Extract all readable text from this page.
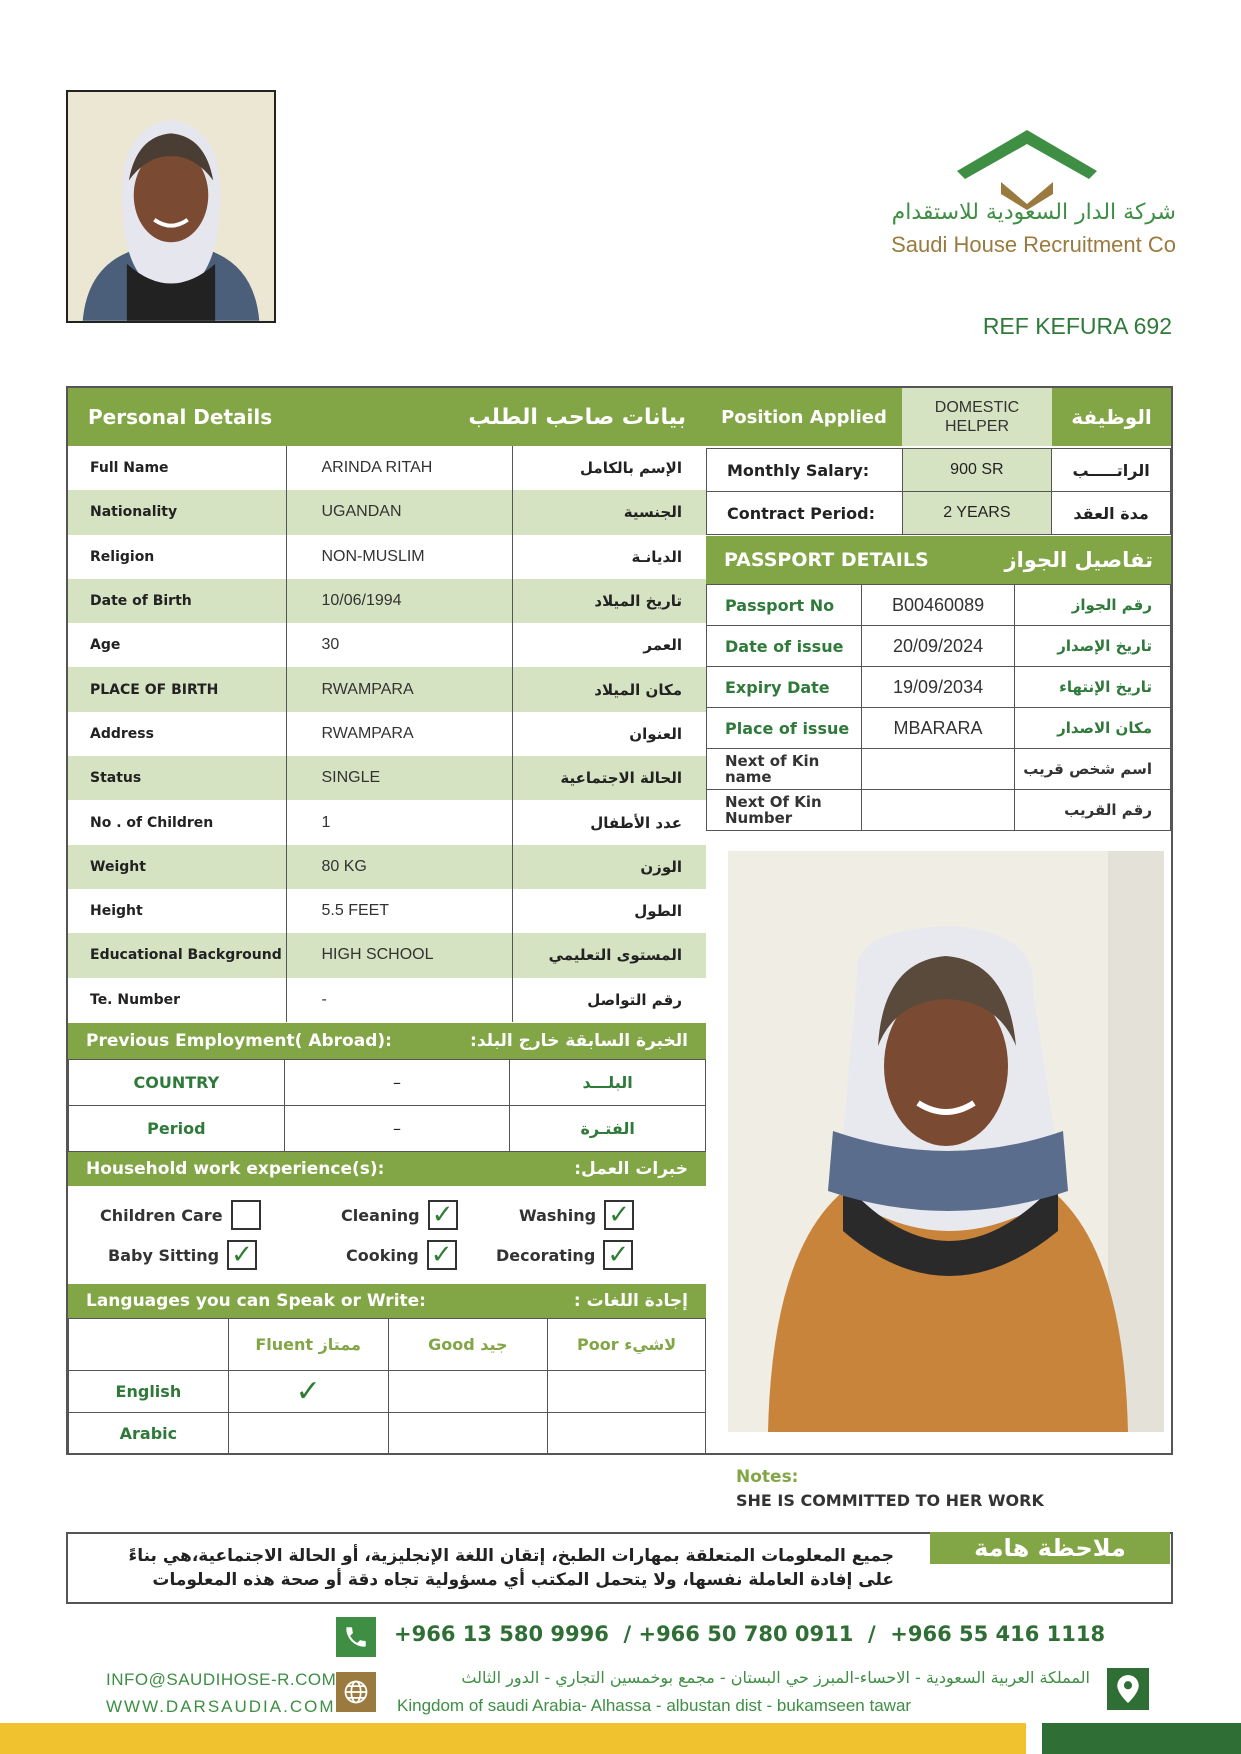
شركة الدار السعودية للاستقدام
Saudi House Recruitment Co
REF KEFURA 692
Personal Details	بيانات صاحب الطلب
Full Name	ARINDA RITAH	الإسم بالكامل
Nationality	UGANDAN	الجنسية
Religion	NON-MUSLIM	الديانـة
Date of Birth	10/06/1994	تاريخ الميلاد
Age	30	العمر
PLACE OF BIRTH	RWAMPARA	مكان الميلاد
Address	RWAMPARA	العنوان
Status	SINGLE	الحالة الاجتماعية
No . of Children	1	عدد الأطفال
Weight	80 KG	الوزن
Height	5.5 FEET	الطول
Educational Background	HIGH SCHOOL	المستوى التعليمي
Te. Number	-	رقم التواصل
Previous Employment( Abroad):	الخبرة السابقة خارج البلد:
COUNTRY	–	البلـــد
Period	–	الفتـرة
Household work experience(s):	خبرات العمل:
Children Care	Cleaning ✓	Washing ✓
Baby Sitting ✓	Cooking ✓	Decorating ✓
Languages you can Speak or Write:	إجادة اللغات :
	Fluent ممتاز	Good جيد	Poor لاشيء
English	✓		
Arabic			
Position Applied	DOMESTIC HELPER	الوظيفة
Monthly Salary:	900 SR	الراتـــــب
Contract Period:	2 YEARS	مدة العقد
PASSPORT DETAILS	تفاصيل الجواز
Passport No	B00460089	رقم الجواز
Date of issue	20/09/2024	تاريخ الإصدار
Expiry Date	19/09/2034	تاريخ الإنتهاء
Place of issue	MBARARA	مكان الاصدار
Next of Kin name		اسم شخص قريب
Next Of Kin Number		رقم القريب
Notes:
SHE IS COMMITTED TO HER WORK
ملاحظة هامة
جميع المعلومات المتعلقة بمهارات الطبخ، إتقان اللغة الإنجليزية، أو الحالة الاجتماعية،هي بناءً
على إفادة العاملة نفسها، ولا يتحمل المكتب أي مسؤولية تجاه دقة أو صحة هذه المعلومات
+966 13 580 9996  / +966 50 780 0911  /  +966 55 416 1118
INFO@SAUDIHOSE-R.COM
WWW.DARSAUDIA.COM
المملكة العربية السعودية - الاحساء-المبرز حي البستان - مجمع بوخمسين التجاري - الدور الثالث
Kingdom of saudi Arabia- Alhassa - albustan dist - bukamseen tawar
